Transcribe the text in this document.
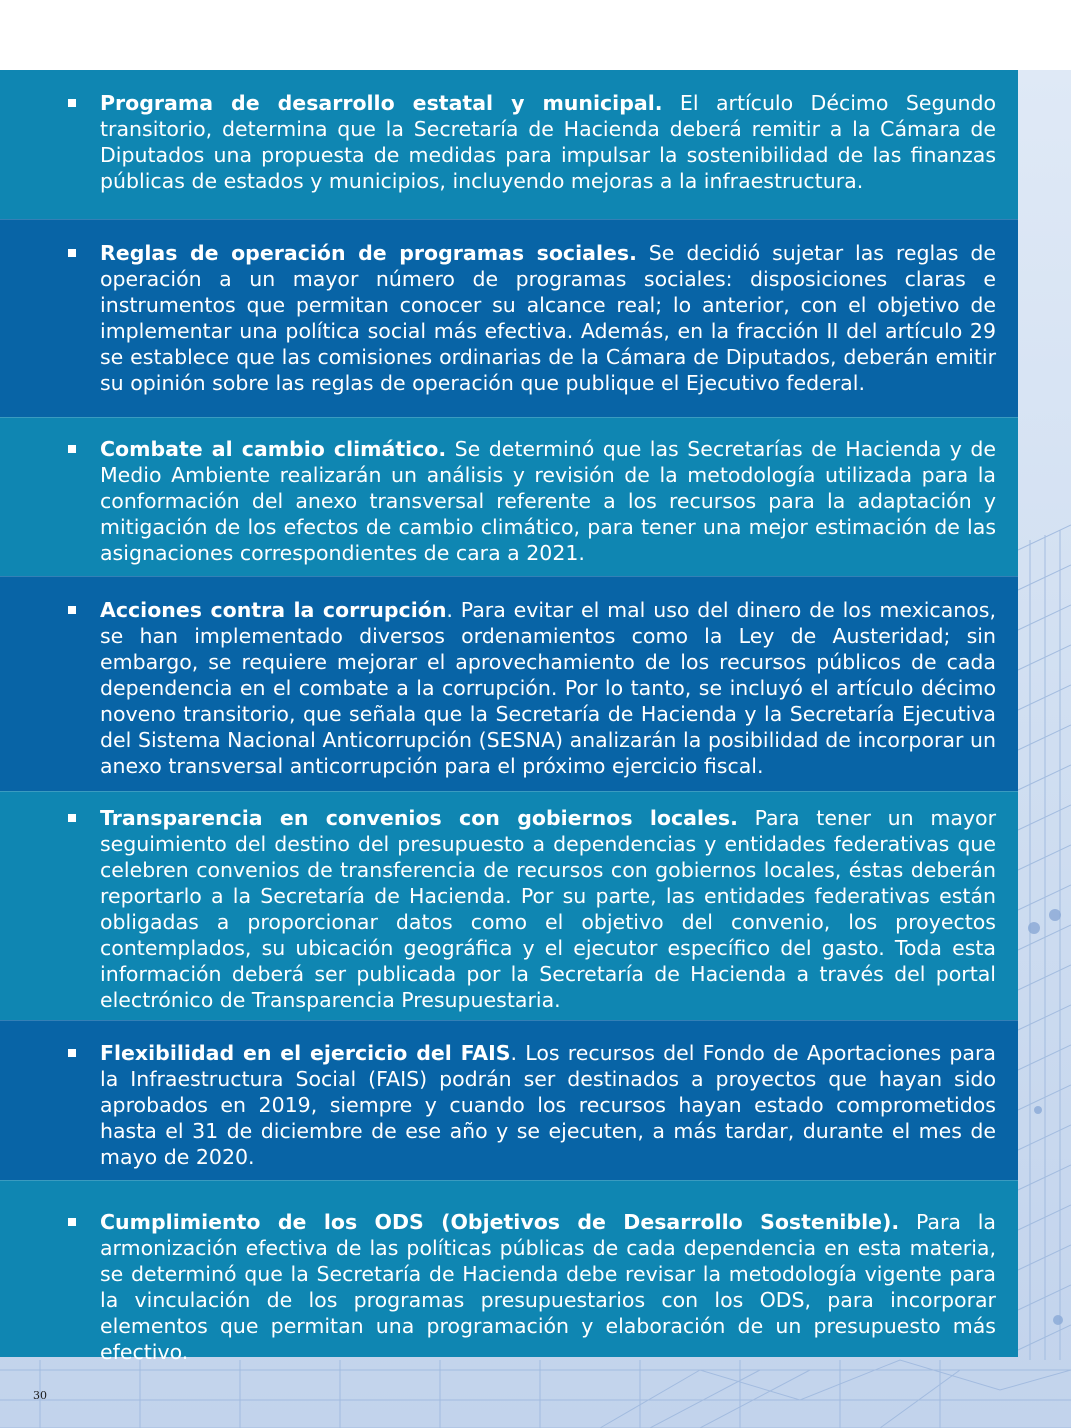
Programa de desarrollo estatal y municipal. El artículo Décimo Segundo transitorio, determina que la Secretaría de Hacienda deberá remitir a la Cámara de Diputados una propuesta de medidas para impulsar la sostenibilidad de las finanzas públicas de estados y municipios, incluyendo mejoras a la infraestructura.

Reglas de operación de programas sociales. Se decidió sujetar las reglas de operación a un mayor número de programas sociales: disposiciones claras e instrumentos que permitan conocer su alcance real; lo anterior, con el objetivo de implementar una política social más efectiva. Además, en la fracción II del artículo 29 se establece que las comisiones ordinarias de la Cámara de Diputados, deberán emitir su opinión sobre las reglas de operación que publique el Ejecutivo federal.

Combate al cambio climático. Se determinó que las Secretarías de Hacienda y de Medio Ambiente realizarán un análisis y revisión de la metodología utilizada para la conformación del anexo transversal referente a los recursos para la adaptación y mitigación de los efectos de cambio climático, para tener una mejor estimación de las asignaciones correspondientes de cara a 2021.

Acciones contra la corrupción. Para evitar el mal uso del dinero de los mexicanos, se han implementado diversos ordenamientos como la Ley de Austeridad; sin embargo, se requiere mejorar el aprovechamiento de los recursos públicos de cada dependencia en el combate a la corrupción. Por lo tanto, se incluyó el artículo décimo noveno transitorio, que señala que la Secretaría de Hacienda y la Secretaría Ejecutiva del Sistema Nacional Anticorrupción (SESNA) analizarán la posibilidad de incorporar un anexo transversal anticorrupción para el próximo ejercicio fiscal.

Transparencia en convenios con gobiernos locales. Para tener un mayor seguimiento del destino del presupuesto a dependencias y entidades federativas que celebren convenios de transferencia de recursos con gobiernos locales, éstas deberán reportarlo a la Secretaría de Hacienda. Por su parte, las entidades federativas están obligadas a proporcionar datos como el objetivo del convenio, los proyectos contemplados, su ubicación geográfica y el ejecutor específico del gasto. Toda esta información deberá ser publicada por la Secretaría de Hacienda a través del portal electrónico de Transparencia Presupuestaria.

Flexibilidad en el ejercicio del FAIS. Los recursos del Fondo de Aportaciones para la Infraestructura Social (FAIS) podrán ser destinados a proyectos que hayan sido aprobados en 2019, siempre y cuando los recursos hayan estado comprometidos hasta el 31 de diciembre de ese año y se ejecuten, a más tardar, durante el mes de mayo de 2020.

Cumplimiento de los ODS (Objetivos de Desarrollo Sostenible). Para la armonización efectiva de las políticas públicas de cada dependencia en esta materia, se determinó que la Secretaría de Hacienda debe revisar la metodología vigente para la vinculación de los programas presupuestarios con los ODS, para incorporar elementos que permitan una programación y elaboración de un presupuesto más efectivo.

30
